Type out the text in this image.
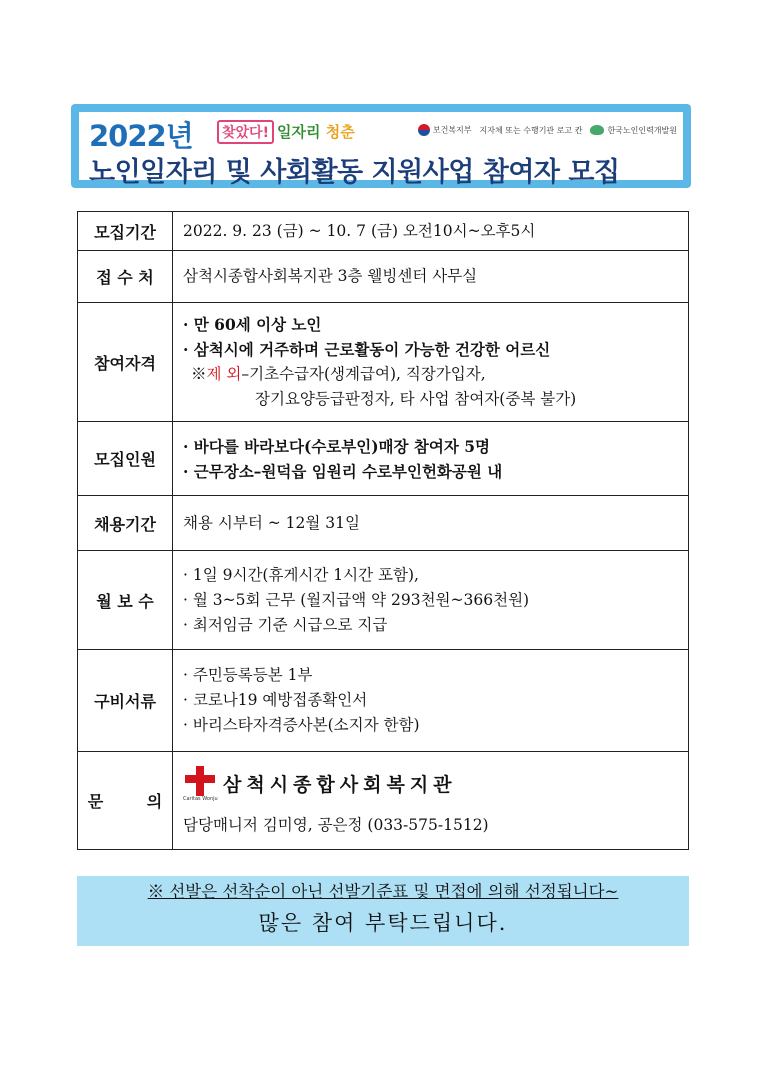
2022년	찾았다! 일자리 청춘	보건복지부 지자체 또는 수행기관 로고 칸	한국노인인력개발원
노인일자리 및 사회활동 지원사업 참여자 모집
모집기간	2022. 9. 23 (금) ~ 10. 7 (금) 오전10시~오후5시

접 수 처	삼척시종합사회복지관 3층 웰빙센터 사무실

참여자격	· 만 60세 이상 노인
· 삼척시에 거주하며 근로활동이 가능한 건강한 어르신
※제 외–기초수급자(생계급여), 직장가입자,
장기요양등급판정자, 타 사업 참여자(중복 불가)

모집인원	· 바다를 바라보다(수로부인)매장 참여자 5명
· 근무장소–원덕읍 임원리 수로부인헌화공원 내

채용기간	채용 시부터 ~ 12월 31일

월 보 수	· 1일 9시간(휴게시간 1시간 포함),
· 월 3~5회 근무 (월지급액 약 293천원~366천원)
· 최저임금 기준 시급으로 지급

구비서류	· 주민등록등본 1부
· 코로나19 예방접종확인서
· 바리스타자격증사본(소지자 한함)

문 의	Caritas Wonju
삼척시종합사회복지관
담당매니저 김미영, 공은정 (033-575-1512)
※ 선발은 선착순이 아닌 선발기준표 및 면접에 의해 선정됩니다~
많은 참여 부탁드립니다.
